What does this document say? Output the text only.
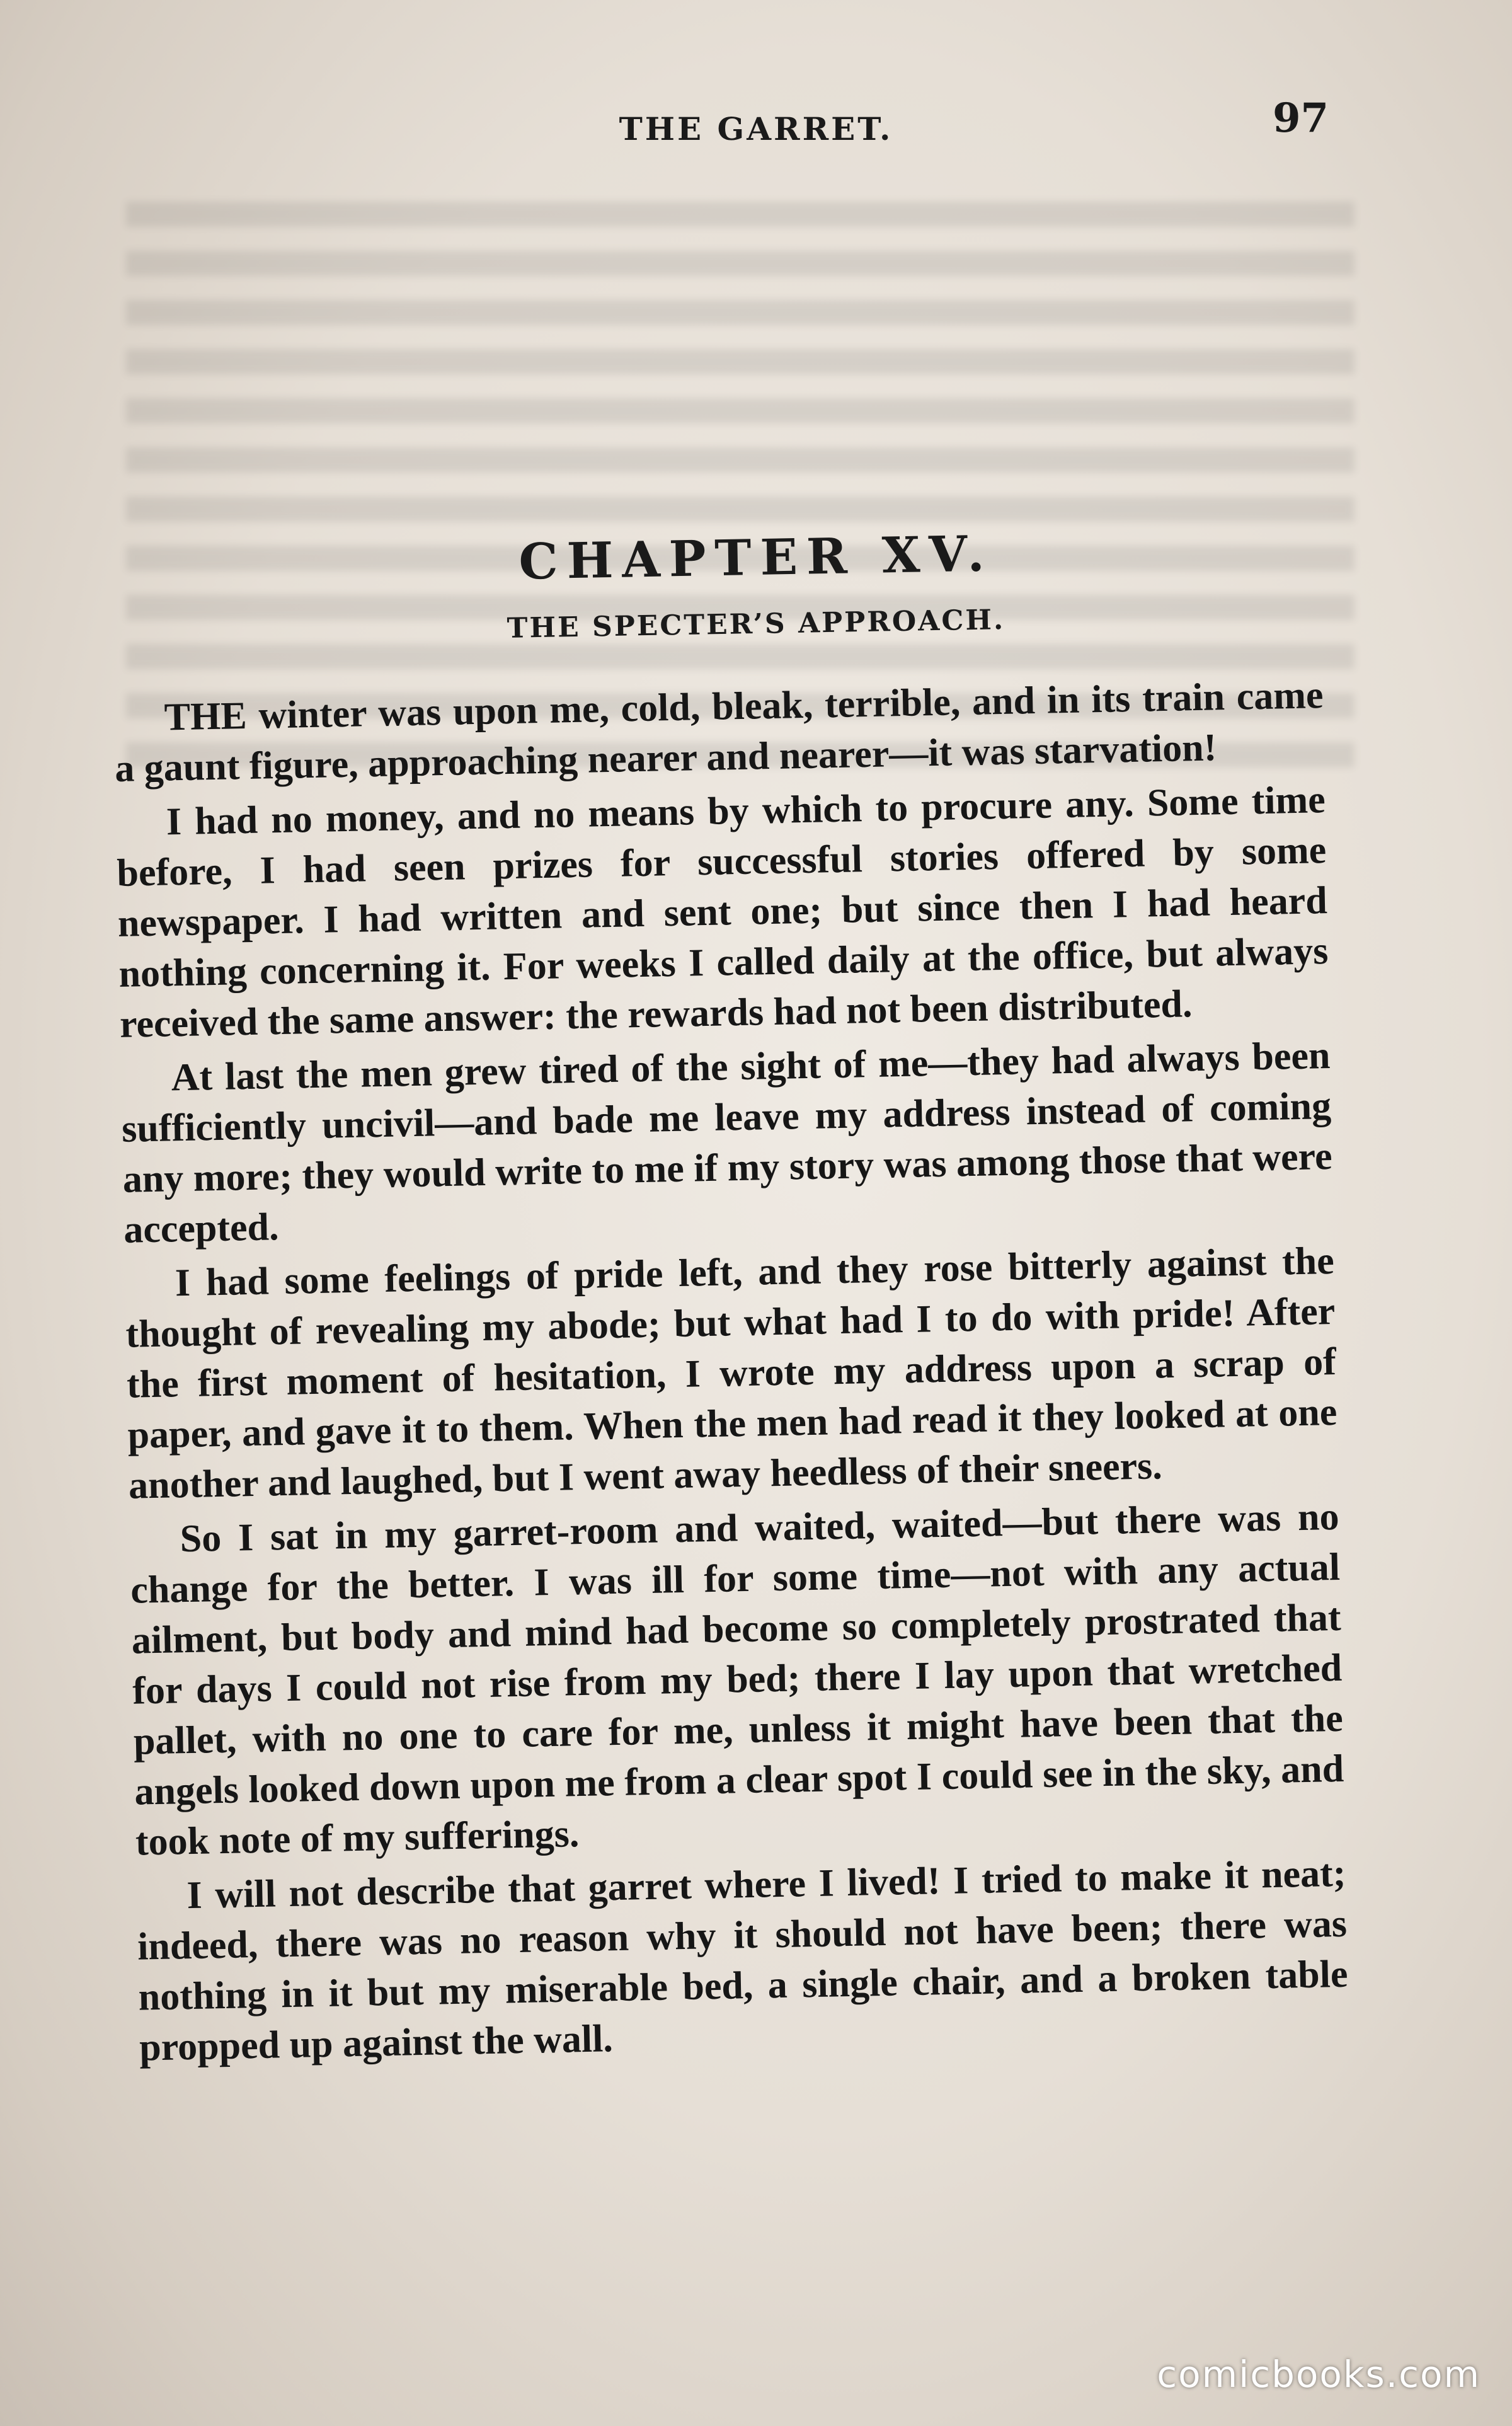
THE GARRET.	97
CHAPTER XV.
THE SPECTER’S APPROACH.

THE winter was upon me, cold, bleak, terrible, and in its train came a gaunt figure, approaching nearer and nearer—it was starvation!

I had no money, and no means by which to procure any. Some time before, I had seen prizes for successful stories offered by some newspaper. I had written and sent one; but since then I had heard nothing concerning it. For weeks I called daily at the office, but always received the same answer: the rewards had not been distributed.

At last the men grew tired of the sight of me—they had always been sufficiently uncivil—and bade me leave my address instead of coming any more; they would write to me if my story was among those that were accepted.

I had some feelings of pride left, and they rose bitterly against the thought of revealing my abode; but what had I to do with pride! After the first moment of hesitation, I wrote my address upon a scrap of paper, and gave it to them. When the men had read it they looked at one another and laughed, but I went away heedless of their sneers.

So I sat in my garret-room and waited, waited—but there was no change for the better. I was ill for some time—not with any actual ailment, but body and mind had become so completely prostrated that for days I could not rise from my bed; there I lay upon that wretched pallet, with no one to care for me, unless it might have been that the angels looked down upon me from a clear spot I could see in the sky, and took note of my sufferings.

I will not describe that garret where I lived! I tried to make it neat; indeed, there was no reason why it should not have been; there was nothing in it but my miserable bed, a single chair, and a broken table propped up against the wall.

comicbooks.com
